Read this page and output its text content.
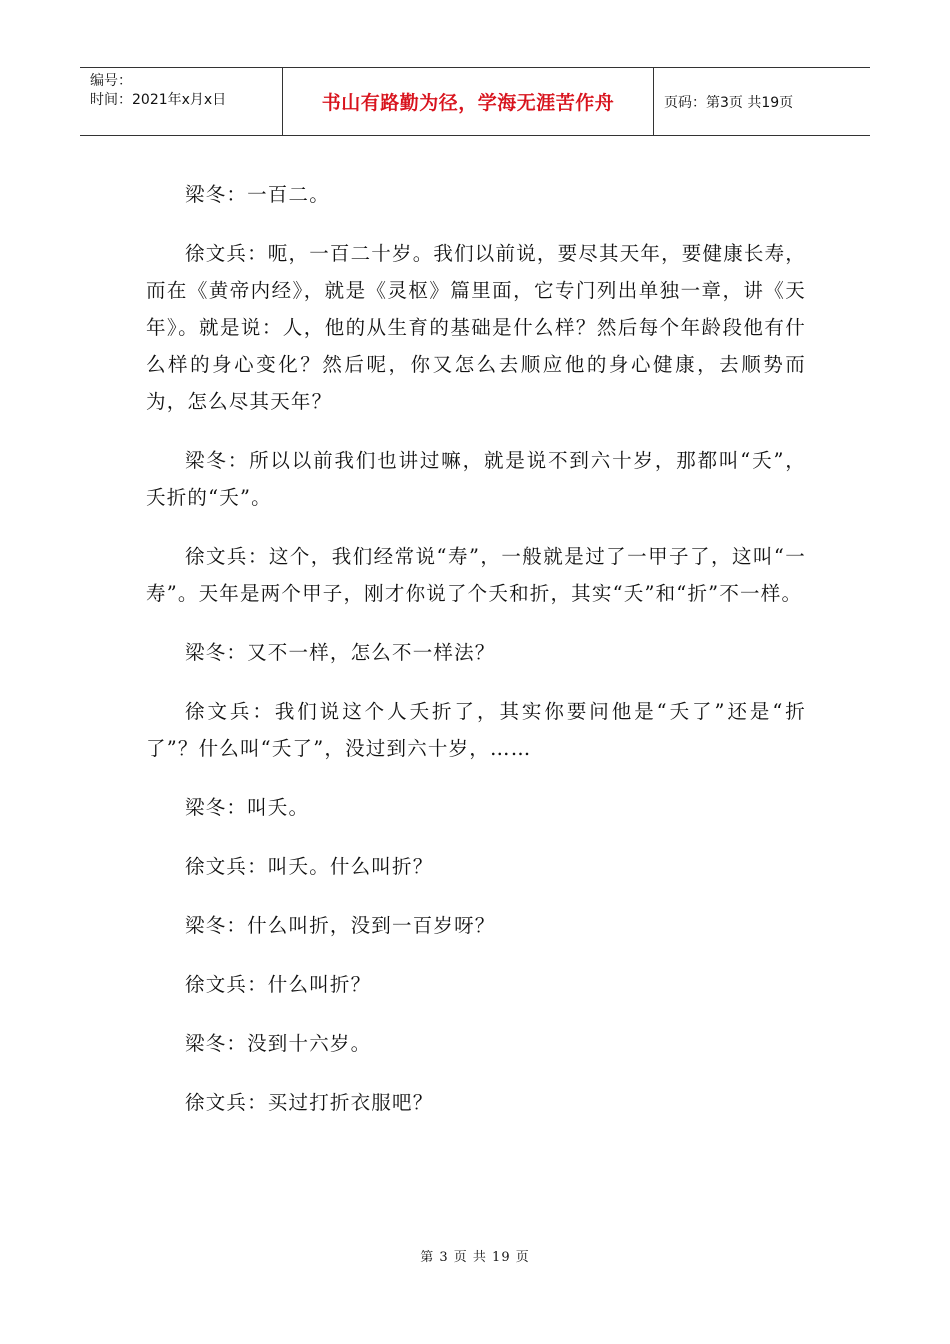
编号：
时间：2021年x月x日	书山有路勤为径，学海无涯苦作舟	页码：第3页 共19页

梁冬：一百二。

徐文兵：呃，一百二十岁。我们以前说，要尽其天年，要健康长寿，而在《黄帝内经》，就是《灵枢》篇里面，它专门列出单独一章，讲《天年》。就是说：人，他的从生育的基础是什么样？然后每个年龄段他有什么样的身心变化？然后呢，你又怎么去顺应他的身心健康，去顺势而为，怎么尽其天年？

梁冬：所以以前我们也讲过嘛，就是说不到六十岁，那都叫“夭”，夭折的“夭”。

徐文兵：这个，我们经常说“寿”，一般就是过了一甲子了，这叫“一寿”。天年是两个甲子，刚才你说了个夭和折，其实“夭”和“折”不一样。

梁冬：又不一样，怎么不一样法？

徐文兵：我们说这个人夭折了，其实你要问他是“夭了”还是“折了”？什么叫“夭了”，没过到六十岁，……

梁冬：叫夭。

徐文兵：叫夭。什么叫折？

梁冬：什么叫折，没到一百岁呀？

徐文兵：什么叫折？

梁冬：没到十六岁。

徐文兵：买过打折衣服吧？

第 3 页 共 19 页
